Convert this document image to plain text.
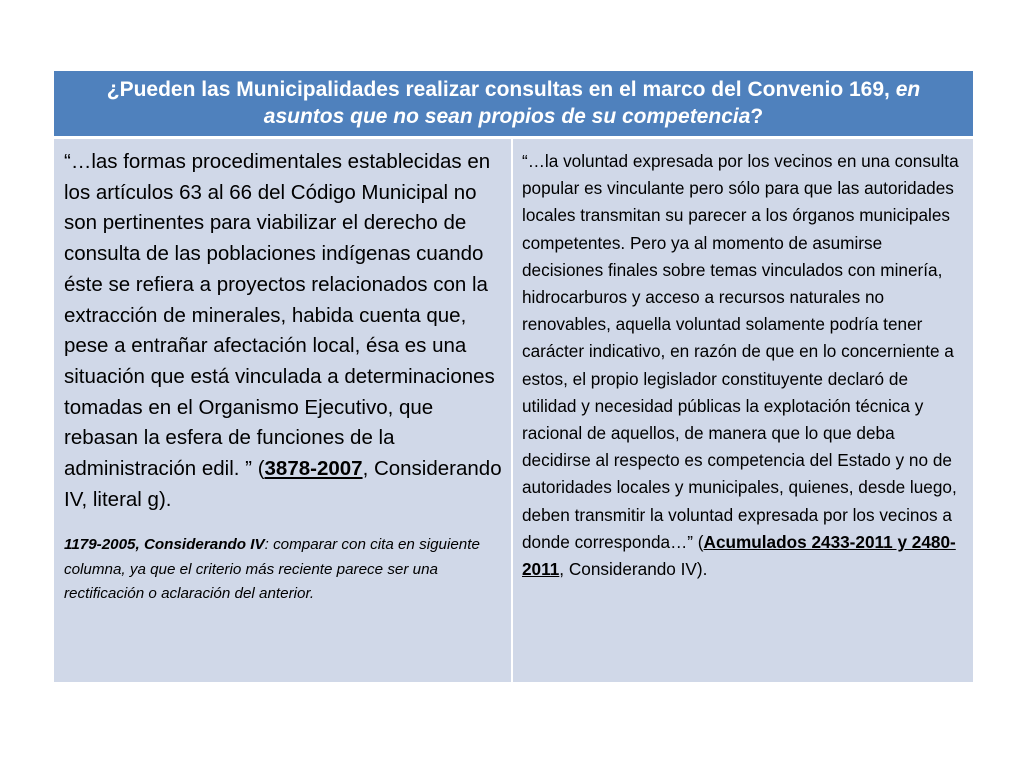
¿Pueden las Municipalidades realizar consultas en el marco del Convenio 169, en asuntos que no sean propios de su competencia?

“…las formas procedimentales establecidas en los artículos 63 al 66 del Código Municipal no son pertinentes para viabilizar el derecho de consulta de las poblaciones indígenas cuando éste se refiera a proyectos relacionados con la extracción de minerales, habida cuenta que, pese a entrañar afectación local, ésa es una situación que está vinculada a determinaciones tomadas en el Organismo Ejecutivo, que rebasan la esfera de funciones de la administración edil. ” (3878-2007, Considerando IV, literal g).

1179-2005, Considerando IV: comparar con cita en siguiente columna, ya que el criterio más reciente parece ser una rectificación o aclaración del anterior.

“…la voluntad expresada por los vecinos en una consulta popular es vinculante pero sólo para que las autoridades locales transmitan su parecer a los órganos municipales competentes. Pero ya al momento de asumirse decisiones finales sobre temas vinculados con minería, hidrocarburos y acceso a recursos naturales no renovables, aquella voluntad solamente podría tener carácter indicativo, en razón de que en lo concerniente a estos, el propio legislador constituyente declaró de utilidad y necesidad públicas la explotación técnica y racional de aquellos, de manera que lo que deba decidirse al respecto es competencia del Estado y no de autoridades locales y municipales, quienes, desde luego, deben transmitir la voluntad expresada por los vecinos a donde corresponda…” (Acumulados 2433-2011 y 2480-2011, Considerando IV).
